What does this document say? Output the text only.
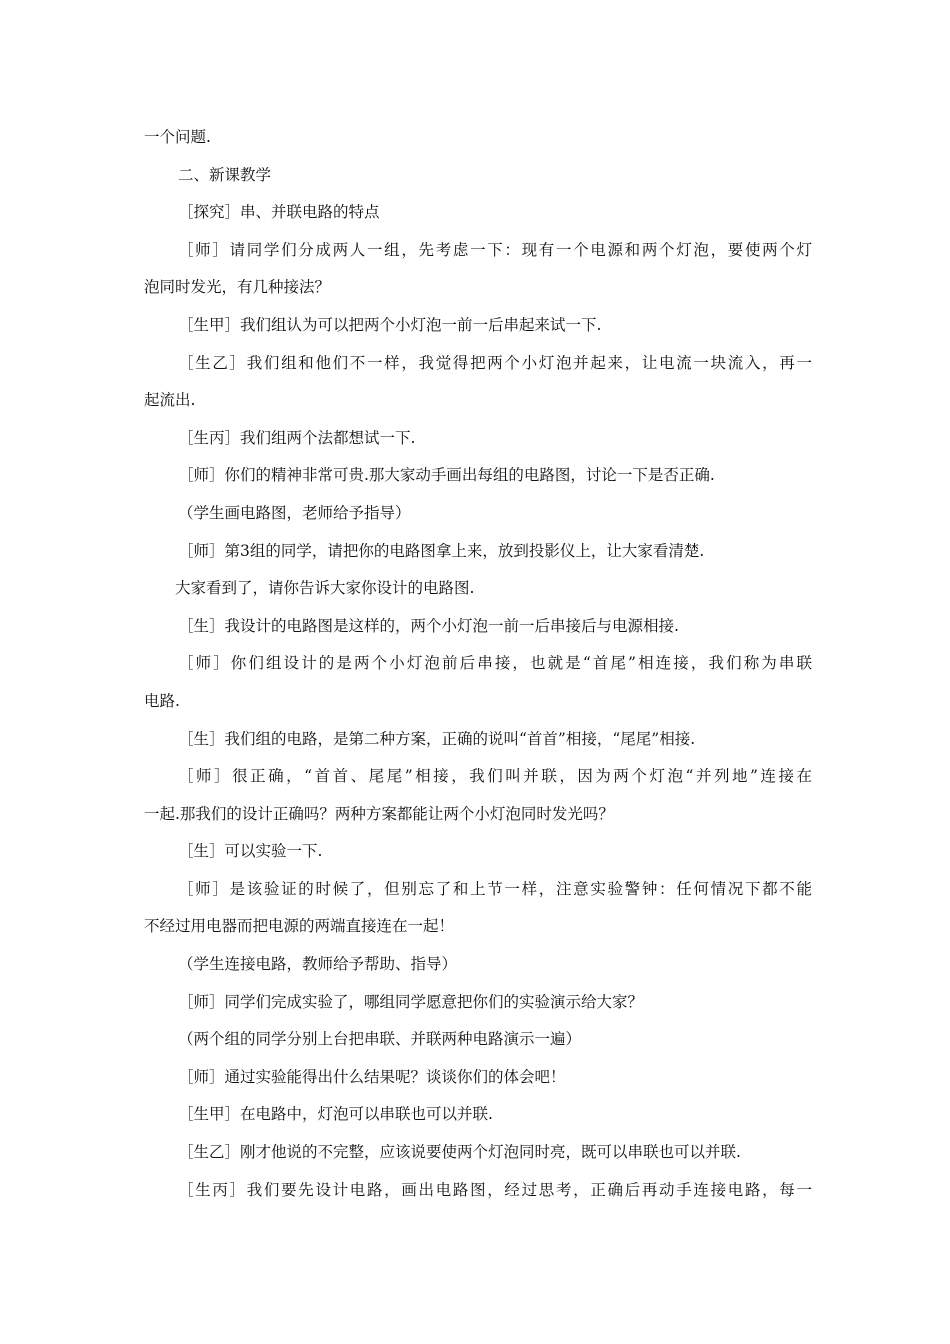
一个问题.
二、新课教学
［探究］串、并联电路的特点
［师］请同学们分成两人一组，先考虑一下：现有一个电源和两个灯泡，要使两个灯
泡同时发光，有几种接法？
［生甲］我们组认为可以把两个小灯泡一前一后串起来试一下.
［生乙］我们组和他们不一样，我觉得把两个小灯泡并起来，让电流一块流入，再一
起流出.
［生丙］我们组两个法都想试一下.
［师］你们的精神非常可贵.那大家动手画出每组的电路图，讨论一下是否正确.
（学生画电路图，老师给予指导）
［师］第3组的同学，请把你的电路图拿上来，放到投影仪上，让大家看清楚.
大家看到了，请你告诉大家你设计的电路图.
［生］我设计的电路图是这样的，两个小灯泡一前一后串接后与电源相接.
［师］你们组设计的是两个小灯泡前后串接，也就是“首尾”相连接，我们称为串联
电路.
［生］我们组的电路，是第二种方案，正确的说叫“首首”相接，“尾尾”相接.
［师］很正确，“首首、尾尾”相接，我们叫并联，因为两个灯泡“并列地”连接在
一起.那我们的设计正确吗？两种方案都能让两个小灯泡同时发光吗？
［生］可以实验一下.
［师］是该验证的时候了，但别忘了和上节一样，注意实验警钟：任何情况下都不能
不经过用电器而把电源的两端直接连在一起！
（学生连接电路，教师给予帮助、指导）
［师］同学们完成实验了，哪组同学愿意把你们的实验演示给大家？
（两个组的同学分别上台把串联、并联两种电路演示一遍）
［师］通过实验能得出什么结果呢？谈谈你们的体会吧！
［生甲］在电路中，灯泡可以串联也可以并联.
［生乙］刚才他说的不完整，应该说要使两个灯泡同时亮，既可以串联也可以并联.
［生丙］我们要先设计电路，画出电路图，经过思考，正确后再动手连接电路，每一
